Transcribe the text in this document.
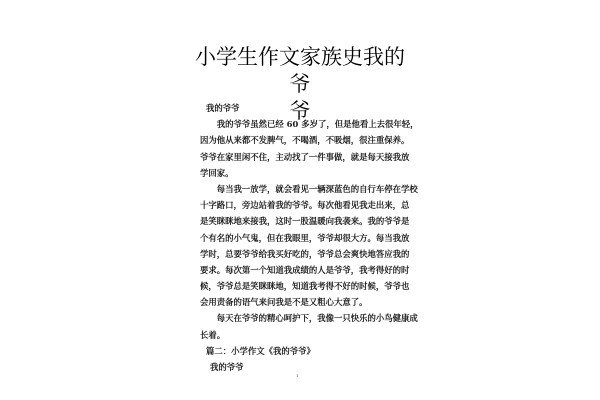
小学生作文家族史我的爷
爷
我的爷爷
　　我的爷爷虽然已经 60 多岁了，但是他看上去很年轻，
因为他从来都不发脾气，不喝酒，不吸烟，很注重保养。
爷爷在家里闲不住，主动找了一件事做，就是每天接我放
学回家。
　　每当我一放学，就会看见一辆深蓝色的自行车停在学校
十字路口，旁边站着我的爷爷。每次他看见我走出来，总
是笑眯眯地来接我，这时一股温暖向我袭来。我的爷爷是
个有名的小气鬼，但在我眼里，爷爷却很大方。每当我放
学时，总要爷爷给我买好吃的，爷爷总会爽快地答应我的
要求。每次第一个知道我成绩的人是爷爷，我考得好的时
候，爷爷总是笑眯眯地，知道我考得不好的时候，爷爷也
会用责备的语气来问我是不是又粗心大意了。
　　每天在爷爷的精心呵护下，我像一只快乐的小鸟健康成
长着。
篇二：小学作文《我的爷爷》
我的爷爷
1
